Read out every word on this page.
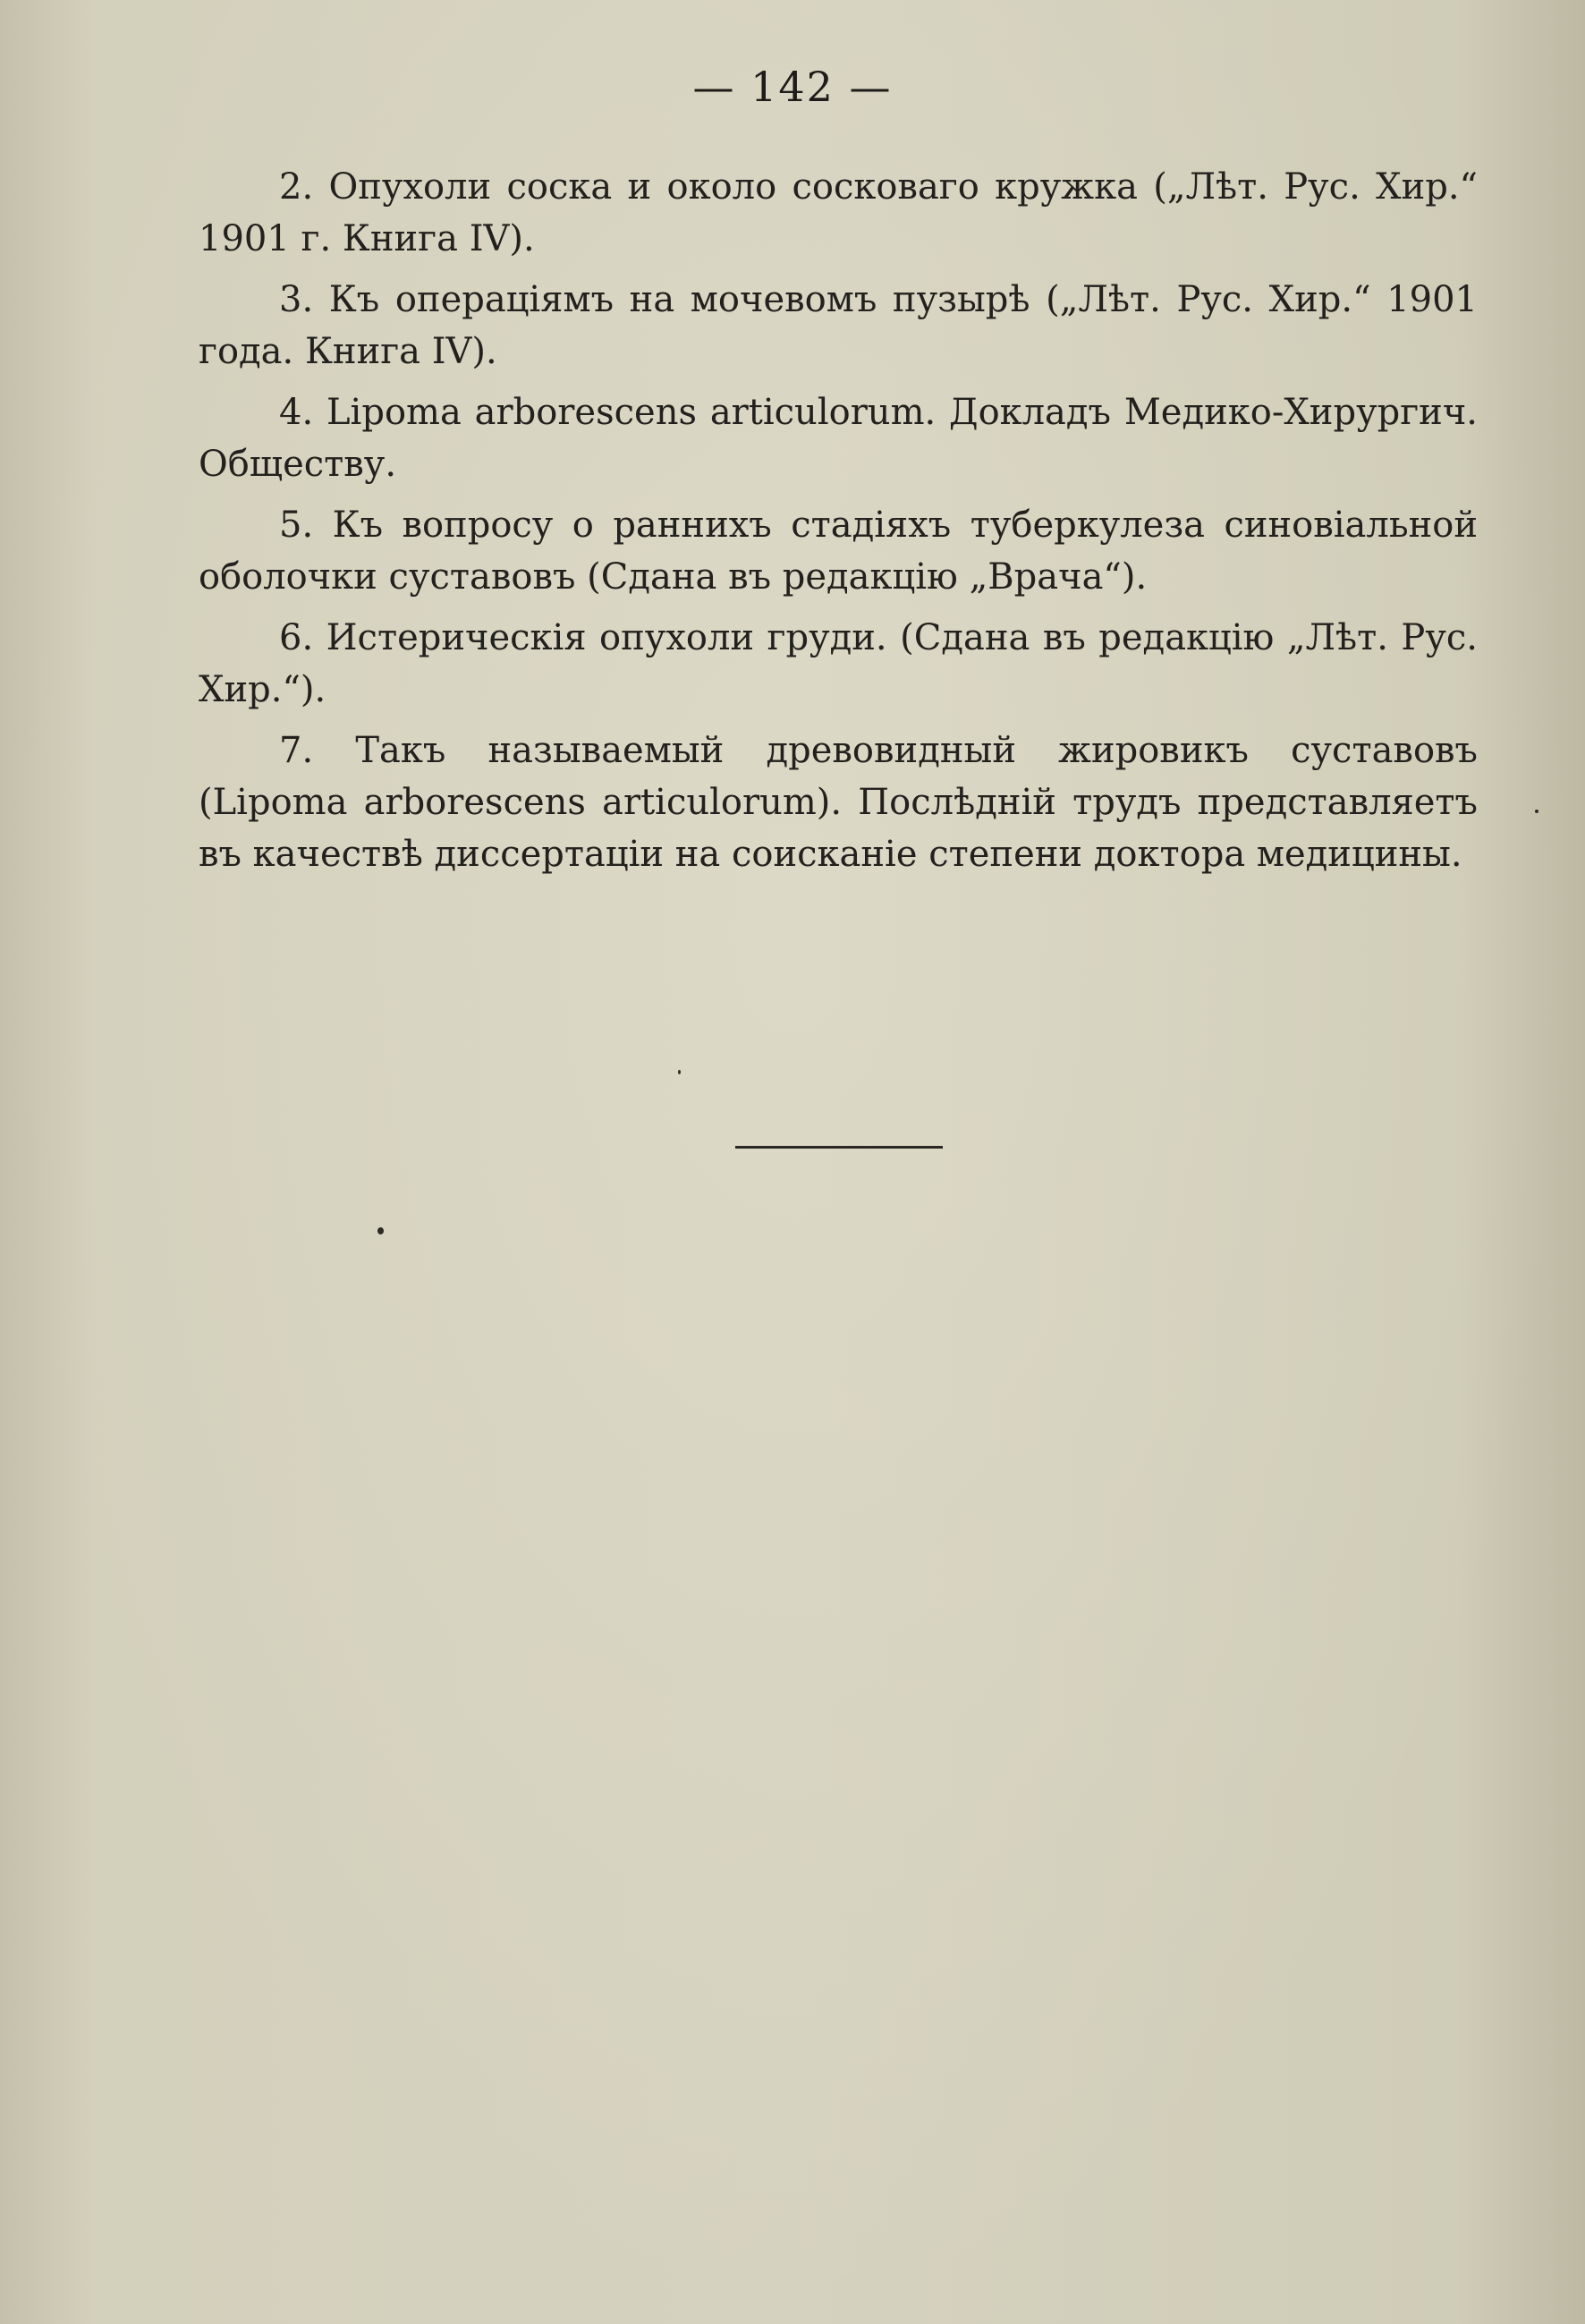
— 142 —

2. Опухоли соска и около сосковаго кружка („Лѣт. Рус. Хир.“ 1901 г. Книга IV).

3. Къ операціямъ на мочевомъ пузырѣ („Лѣт. Рус. Хир.“ 1901 года. Книга IV).

4. Lipoma arborescens articulorum. Докладъ Медико-Хирургич. Обществу.

5. Къ вопросу о раннихъ стадіяхъ туберкулеза синовіальной оболочки суставовъ (Сдана въ редакцію „Врача“).

6. Истерическія опухоли груди. (Сдана въ редакцію „Лѣт. Рус. Хир.“).

7. Такъ называемый древовидный жировикъ суставовъ (Lipoma arborescens articulorum). Послѣдній трудъ представляетъ въ качествѣ диссертаціи на соисканіе степени доктора медицины.
